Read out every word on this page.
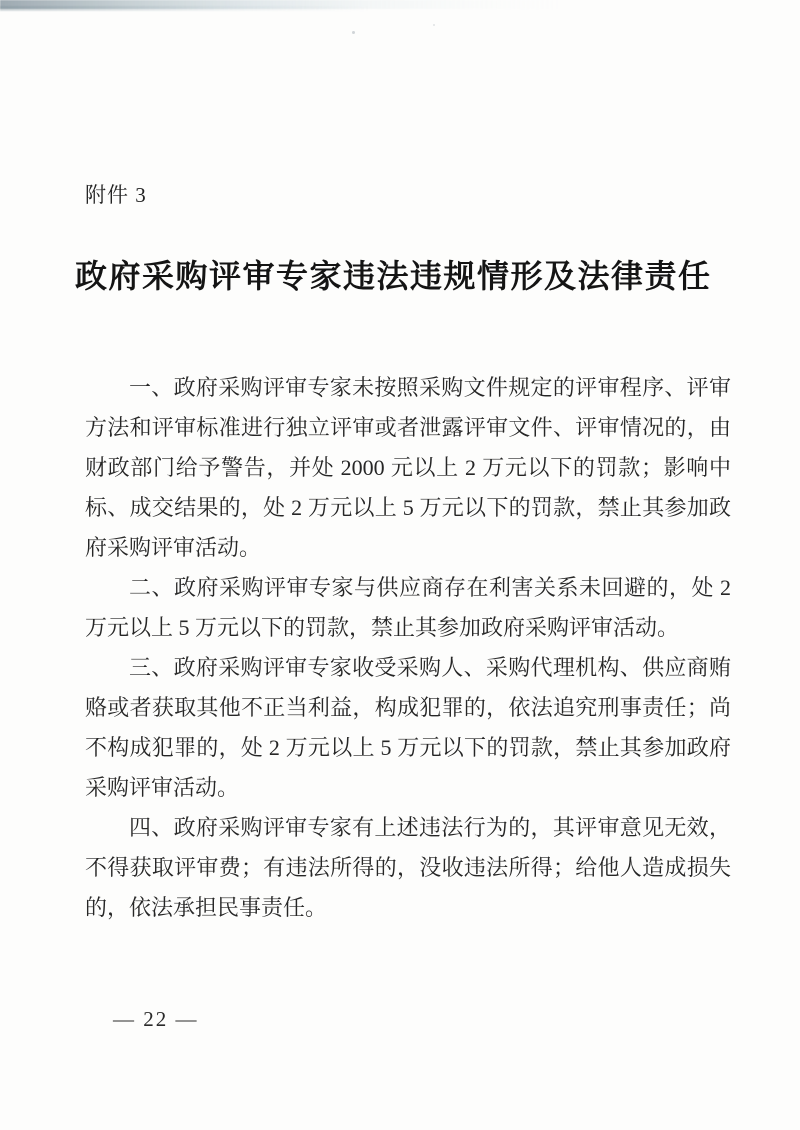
附件 3
政府采购评审专家违法违规情形及法律责任

一、政府采购评审专家未按照采购文件规定的评审程序、评审方法和评审标准进行独立评审或者泄露评审文件、评审情况的，由财政部门给予警告，并处 2000 元以上 2 万元以下的罚款；影响中标、成交结果的，处 2 万元以上 5 万元以下的罚款，禁止其参加政府采购评审活动。

二、政府采购评审专家与供应商存在利害关系未回避的，处 2 万元以上 5 万元以下的罚款，禁止其参加政府采购评审活动。

三、政府采购评审专家收受采购人、采购代理机构、供应商贿赂或者获取其他不正当利益，构成犯罪的，依法追究刑事责任；尚不构成犯罪的，处 2 万元以上 5 万元以下的罚款，禁止其参加政府采购评审活动。

四、政府采购评审专家有上述违法行为的，其评审意见无效，不得获取评审费；有违法所得的，没收违法所得；给他人造成损失的，依法承担民事责任。

— 22 —
